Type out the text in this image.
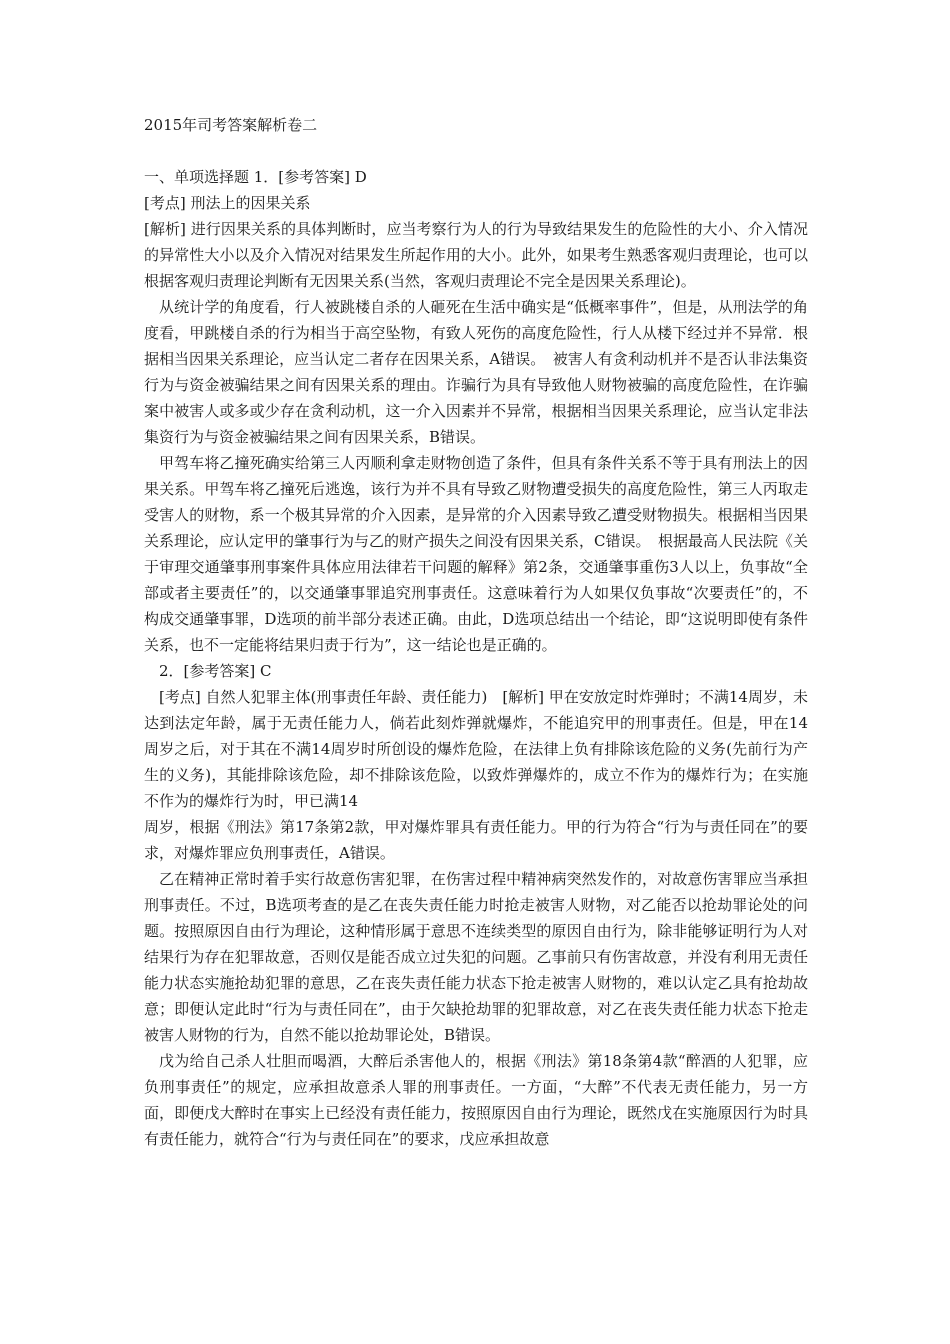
2015年司考答案解析卷二

一、单项选择题 1．[参考答案] D

[考点] 刑法上的因果关系

[解析] 进行因果关系的具体判断时，应当考察行为人的行为导致结果发生的危险性的大小、介入情况的异常性大小以及介入情况对结果发生所起作用的大小。此外，如果考生熟悉客观归责理论，也可以根据客观归责理论判断有无因果关系(当然，客观归责理论不完全是因果关系理论)。

从统计学的角度看，行人被跳楼自杀的人砸死在生活中确实是“低概率事件”，但是，从刑法学的角度看，甲跳楼自杀的行为相当于高空坠物，有致人死伤的高度危险性，行人从楼下经过并不异常．根据相当因果关系理论，应当认定二者存在因果关系，A错误。　被害人有贪利动机并不是否认非法集资行为与资金被骗结果之间有因果关系的理由。诈骗行为具有导致他人财物被骗的高度危险性，在诈骗案中被害人或多或少存在贪利动机，这一介入因素并不异常，根据相当因果关系理论，应当认定非法集资行为与资金被骗结果之间有因果关系，B错误。

甲驾车将乙撞死确实给第三人丙顺利拿走财物创造了条件，但具有条件关系不等于具有刑法上的因果关系。甲驾车将乙撞死后逃逸，该行为并不具有导致乙财物遭受损失的高度危险性，第三人丙取走受害人的财物，系一个极其异常的介入因素，是异常的介入因素导致乙遭受财物损失。根据相当因果关系理论，应认定甲的肇事行为与乙的财产损失之间没有因果关系，C错误。　根据最高人民法院《关于审理交通肇事刑事案件具体应用法律若干问题的解释》第2条，交通肇事重伤3人以上，负事故“全部或者主要责任”的，以交通肇事罪追究刑事责任。这意味着行为人如果仅负事故“次要责任”的，不构成交通肇事罪，D选项的前半部分表述正确。由此，D选项总结出一个结论，即“这说明即使有条件关系，也不一定能将结果归责于行为”，这一结论也是正确的。

2．[参考答案] C

[考点] 自然人犯罪主体(刑事责任年龄、责任能力)　[解析] 甲在安放定时炸弹时；不满14周岁，未达到法定年龄，属于无责任能力人，倘若此刻炸弹就爆炸，不能追究甲的刑事责任。但是，甲在14周岁之后，对于其在不满14周岁时所创设的爆炸危险，在法律上负有排除该危险的义务(先前行为产生的义务)，其能排除该危险，却不排除该危险，以致炸弹爆炸的，成立不作为的爆炸行为；在实施不作为的爆炸行为时，甲已满14

周岁，根据《刑法》第17条第2款，甲对爆炸罪具有责任能力。甲的行为符合“行为与责任同在”的要求，对爆炸罪应负刑事责任，A错误。

乙在精神正常时着手实行故意伤害犯罪，在伤害过程中精神病突然发作的，对故意伤害罪应当承担刑事责任。不过，B选项考查的是乙在丧失责任能力时抢走被害人财物，对乙能否以抢劫罪论处的问题。按照原因自由行为理论，这种情形属于意思不连续类型的原因自由行为，除非能够证明行为人对结果行为存在犯罪故意，否则仅是能否成立过失犯的问题。乙事前只有伤害故意，并没有利用无责任能力状态实施抢劫犯罪的意思，乙在丧失责任能力状态下抢走被害人财物的，难以认定乙具有抢劫故意；即便认定此时“行为与责任同在”，由于欠缺抢劫罪的犯罪故意，对乙在丧失责任能力状态下抢走被害人财物的行为，自然不能以抢劫罪论处，B错误。

戊为给自己杀人壮胆而喝酒，大醉后杀害他人的，根据《刑法》第18条第4款“醉酒的人犯罪，应负刑事责任”的规定，应承担故意杀人罪的刑事责任。一方面，“大醉”不代表无责任能力，另一方面，即便戊大醉时在事实上已经没有责任能力，按照原因自由行为理论，既然戊在实施原因行为时具有责任能力，就符合“行为与责任同在”的要求，戊应承担故意
